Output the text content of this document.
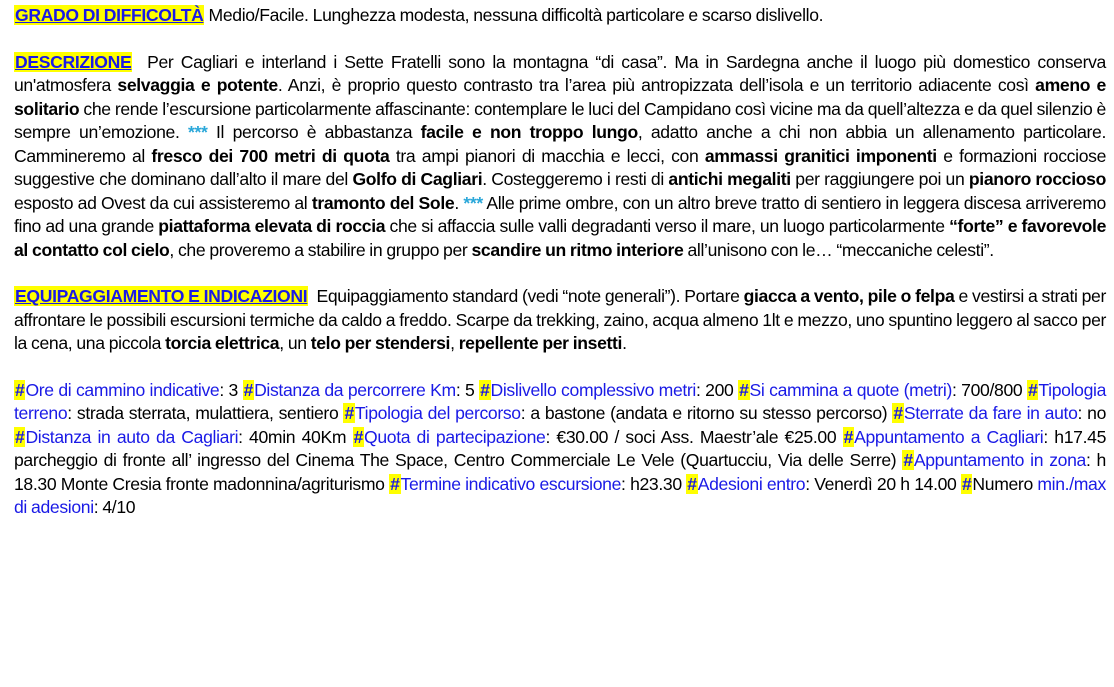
GRADO DI DIFFICOLTÀ Medio/Facile. Lunghezza modesta, nessuna difficoltà particolare e scarso dislivello.

DESCRIZIONE Per Cagliari e interland i Sette Fratelli sono la montagna “di casa”. Ma in Sardegna anche il luogo più domestico conserva un'atmosfera selvaggia e potente. Anzi, è proprio questo contrasto tra l’area più antropizzata dell’isola e un territorio adiacente così ameno e solitario che rende l’escursione particolarmente affascinante: contemplare le luci del Campidano così vicine ma da quell’altezza e da quel silenzio è sempre un’emozione. *** Il percorso è abbastanza facile e non troppo lungo, adatto anche a chi non abbia un allenamento particolare. Cammineremo al fresco dei 700 metri di quota tra ampi pianori di macchia e lecci, con ammassi granitici imponenti e formazioni rocciose suggestive che dominano dall’alto il mare del Golfo di Cagliari. Costeggeremo i resti di antichi megaliti per raggiungere poi un pianoro roccioso esposto ad Ovest da cui assisteremo al tramonto del Sole. *** Alle prime ombre, con un altro breve tratto di sentiero in leggera discesa arriveremo fino ad una grande piattaforma elevata di roccia che si affaccia sulle valli degradanti verso il mare, un luogo particolarmente “forte” e favorevole al contatto col cielo, che proveremo a stabilire in gruppo per scandire un ritmo interiore all’unisono con le… “meccaniche celesti”.

EQUIPAGGIAMENTO E INDICAZIONI Equipaggiamento standard (vedi “note generali”). Portare giacca a vento, pile o felpa e vestirsi a strati per affrontare le possibili escursioni termiche da caldo a freddo. Scarpe da trekking, zaino, acqua almeno 1lt e mezzo, uno spuntino leggero al sacco per la cena, una piccola torcia elettrica, un telo per stendersi, repellente per insetti.

#Ore di cammino indicative: 3 #Distanza da percorrere Km: 5 #Dislivello complessivo metri: 200 #Si cammina a quote (metri): 700/800 #Tipologia terreno: strada sterrata, mulattiera, sentiero #Tipologia del percorso: a bastone (andata e ritorno su stesso percorso) #Sterrate da fare in auto: no #Distanza in auto da Cagliari: 40min 40Km #Quota di partecipazione: €30.00 / soci Ass. Maestr’ale €25.00 #Appuntamento a Cagliari: h17.45 parcheggio di fronte all’ ingresso del Cinema The Space, Centro Commerciale Le Vele (Quartucciu, Via delle Serre) #Appuntamento in zona: h 18.30 Monte Cresia fronte madonnina/agriturismo #Termine indicativo escursione: h23.30 #Adesioni entro: Venerdì 20 h 14.00 #Numero min./max di adesioni: 4/10
